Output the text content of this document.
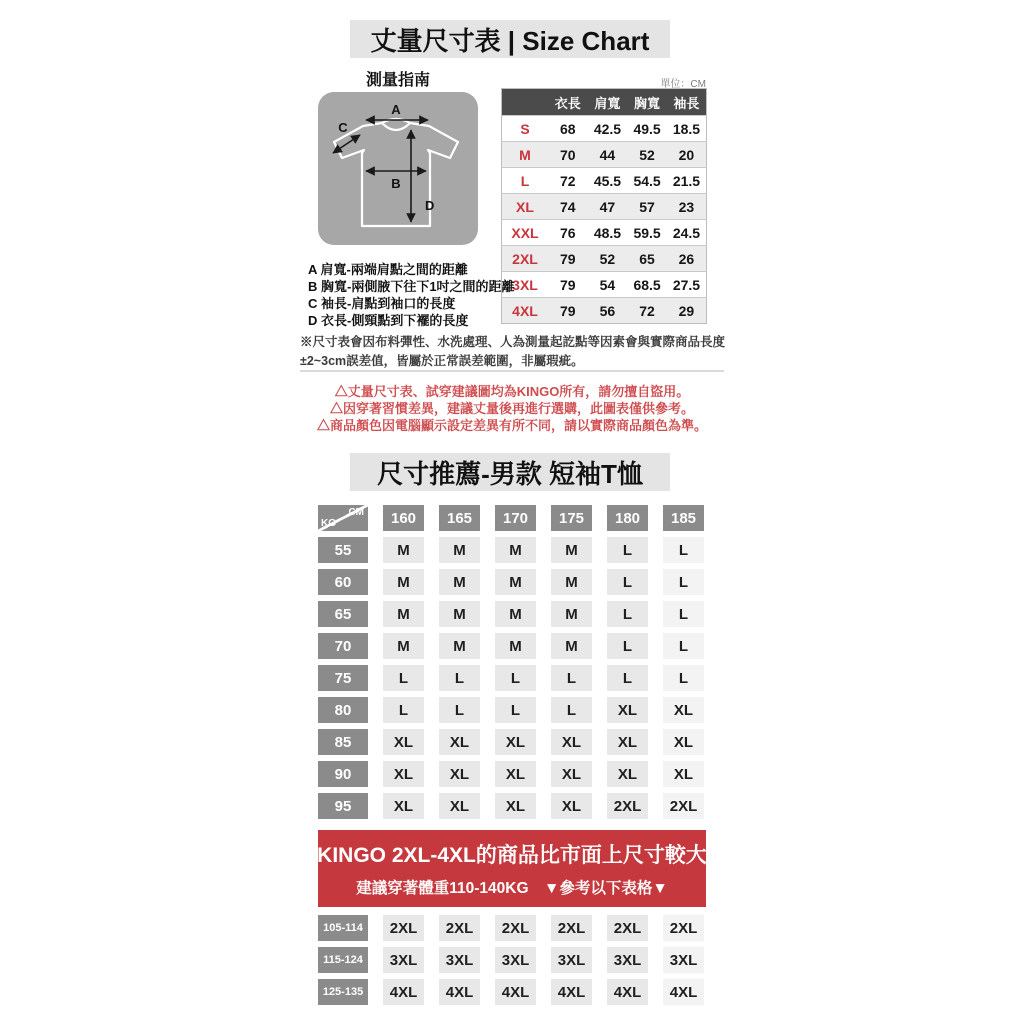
丈量尺寸表 | Size Chart
測量指南
A
C
B
D
單位：CM
	衣長	肩寬	胸寬	袖長
S	68	42.5	49.5	18.5
M	70	44	52	20
L	72	45.5	54.5	21.5
XL	74	47	57	23
XXL	76	48.5	59.5	24.5
2XL	79	52	65	26
3XL	79	54	68.5	27.5
4XL	79	56	72	29
A 肩寬-兩端肩點之間的距離
B 胸寬-兩側腋下往下1吋之間的距離
C 袖長-肩點到袖口的長度
D 衣長-側頸點到下襬的長度
※尺寸表會因布料彈性、水洗處理、人為測量起訖點等因素會與實際商品長度±2~3cm誤差值，皆屬於正常誤差範圍，非屬瑕疵。
△丈量尺寸表、試穿建議圖均為KINGO所有，請勿擅自盜用。
△因穿著習慣差異，建議丈量後再進行選購，此圖表僅供參考。
△商品顏色因電腦顯示設定差異有所不同，請以實際商品顏色為準。
尺寸推薦-男款 短袖T恤
CM
KG	160	165	170	175	180	185
55	M	M	M	M	L	L
60	M	M	M	M	L	L
65	M	M	M	M	L	L
70	M	M	M	M	L	L
75	L	L	L	L	L	L
80	L	L	L	L	XL	XL
85	XL	XL	XL	XL	XL	XL
90	XL	XL	XL	XL	XL	XL
95	XL	XL	XL	XL	2XL	2XL
KINGO 2XL-4XL的商品比市面上尺寸較大
建議穿著體重110-140KG　▼參考以下表格▼
105-114	2XL	2XL	2XL	2XL	2XL	2XL
115-124	3XL	3XL	3XL	3XL	3XL	3XL
125-135	4XL	4XL	4XL	4XL	4XL	4XL
